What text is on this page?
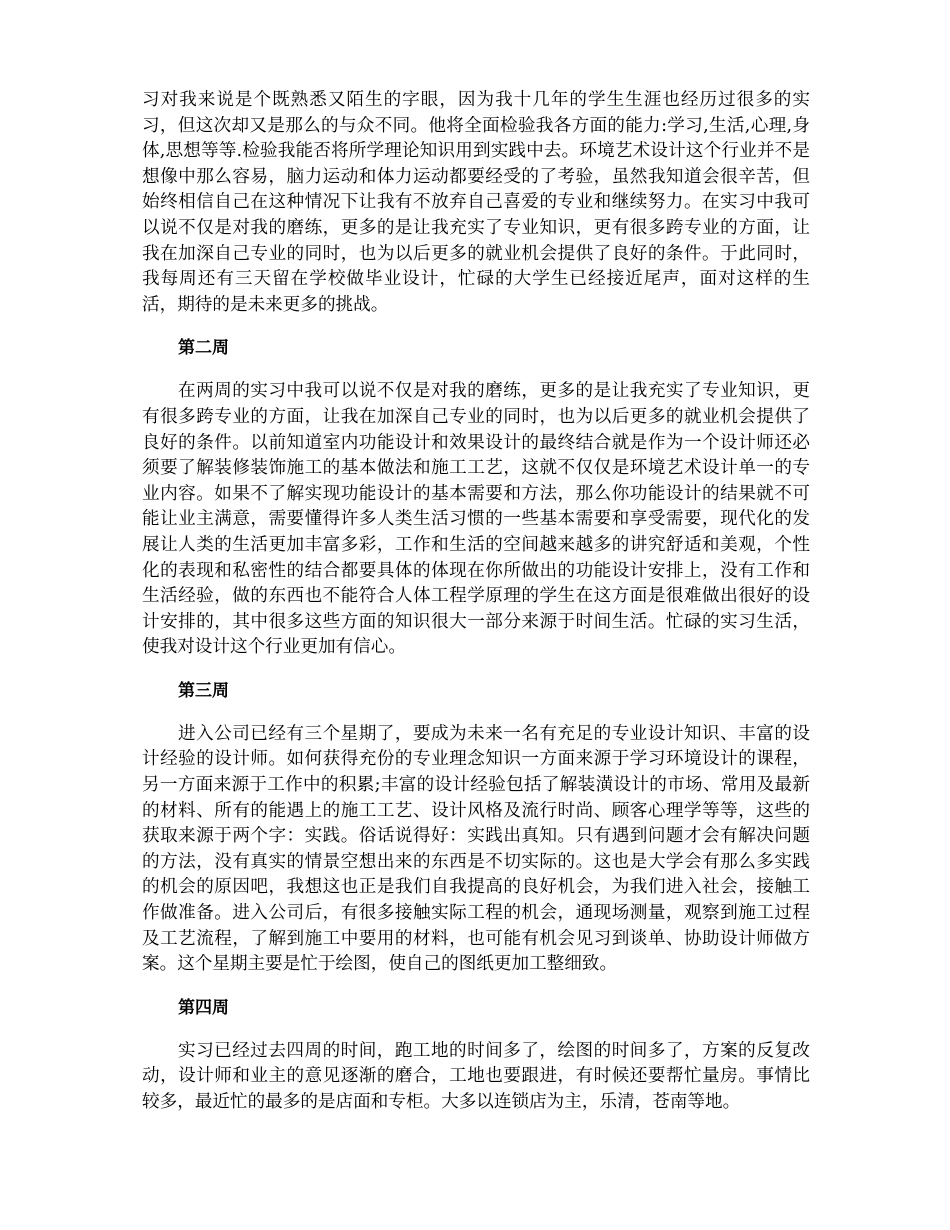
习对我来说是个既熟悉又陌生的字眼，因为我十几年的学生生涯也经历过很多的实习，但这次却又是那么的与众不同。他将全面检验我各方面的能力:学习,生活,心理,身体,思想等等.检验我能否将所学理论知识用到实践中去。环境艺术设计这个行业并不是想像中那么容易，脑力运动和体力运动都要经受的了考验，虽然我知道会很辛苦，但始终相信自己在这种情况下让我有不放弃自己喜爱的专业和继续努力。在实习中我可以说不仅是对我的磨练，更多的是让我充实了专业知识，更有很多跨专业的方面，让我在加深自己专业的同时，也为以后更多的就业机会提供了良好的条件。于此同时，我每周还有三天留在学校做毕业设计，忙碌的大学生已经接近尾声，面对这样的生活，期待的是未来更多的挑战。

第二周

在两周的实习中我可以说不仅是对我的磨练，更多的是让我充实了专业知识，更有很多跨专业的方面，让我在加深自己专业的同时，也为以后更多的就业机会提供了良好的条件。以前知道室内功能设计和效果设计的最终结合就是作为一个设计师还必须要了解装修装饰施工的基本做法和施工工艺，这就不仅仅是环境艺术设计单一的专业内容。如果不了解实现功能设计的基本需要和方法，那么你功能设计的结果就不可能让业主满意，需要懂得许多人类生活习惯的一些基本需要和享受需要，现代化的发展让人类的生活更加丰富多彩，工作和生活的空间越来越多的讲究舒适和美观，个性化的表现和私密性的结合都要具体的体现在你所做出的功能设计安排上，没有工作和生活经验，做的东西也不能符合人体工程学原理的学生在这方面是很难做出很好的设计安排的，其中很多这些方面的知识很大一部分来源于时间生活。忙碌的实习生活，使我对设计这个行业更加有信心。

第三周

进入公司已经有三个星期了，要成为未来一名有充足的专业设计知识、丰富的设计经验的设计师。如何获得充份的专业理念知识一方面来源于学习环境设计的课程，另一方面来源于工作中的积累;丰富的设计经验包括了解装潢设计的市场、常用及最新的材料、所有的能遇上的施工工艺、设计风格及流行时尚、顾客心理学等等，这些的获取来源于两个字：实践。俗话说得好：实践出真知。只有遇到问题才会有解决问题的方法，没有真实的情景空想出来的东西是不切实际的。这也是大学会有那么多实践的机会的原因吧，我想这也正是我们自我提高的良好机会，为我们进入社会，接触工作做准备。进入公司后，有很多接触实际工程的机会，通现场测量，观察到施工过程及工艺流程，了解到施工中要用的材料，也可能有机会见习到谈单、协助设计师做方案。这个星期主要是忙于绘图，使自己的图纸更加工整细致。

第四周

实习已经过去四周的时间，跑工地的时间多了，绘图的时间多了，方案的反复改动，设计师和业主的意见逐渐的磨合，工地也要跟进，有时候还要帮忙量房。事情比较多，最近忙的最多的是店面和专柜。大多以连锁店为主，乐清，苍南等地。
